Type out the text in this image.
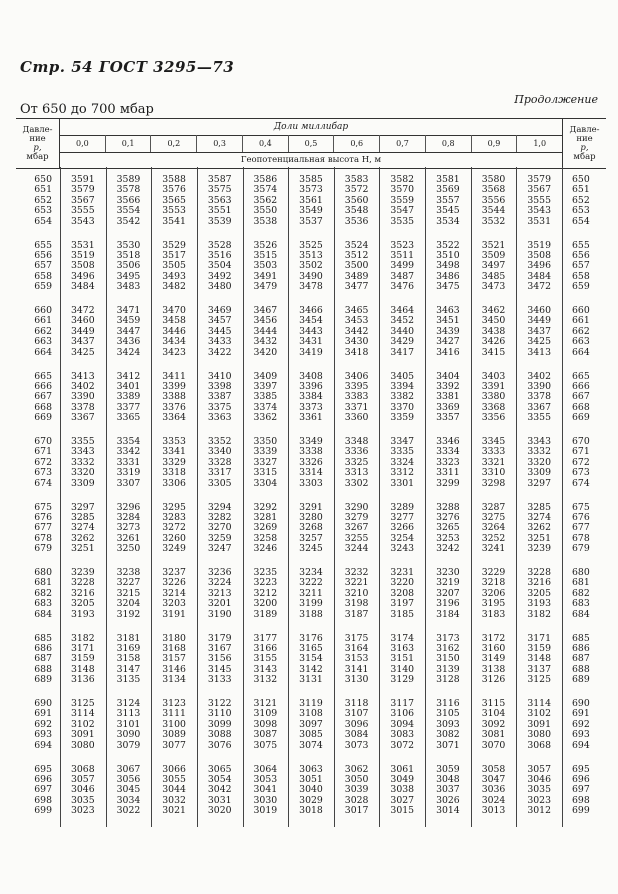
Стр. 54 ГОСТ 3295—73
От 650 до 700 мбар
Продолжение
Давле-
ние
p,
мбар
Доли миллибар
0,0	0,1	0,2	0,3	0,4	0,5	0,6	0,7	0,8	0,9	1,0
Геопотенциальная высота H, м
Давле-
ние
p,
мбар
650	3591	3589	3588	3587	3586	3585	3583	3582	3581	3580	3579	650
651	3579	3578	3576	3575	3574	3573	3572	3570	3569	3568	3567	651
652	3567	3566	3565	3563	3562	3561	3560	3559	3557	3556	3555	652
653	3555	3554	3553	3551	3550	3549	3548	3547	3545	3544	3543	653
654	3543	3542	3541	3539	3538	3537	3536	3535	3534	3532	3531	654
655	3531	3530	3529	3528	3526	3525	3524	3523	3522	3521	3519	655
656	3519	3518	3517	3516	3515	3513	3512	3511	3510	3509	3508	656
657	3508	3506	3505	3504	3503	3502	3500	3499	3498	3497	3496	657
658	3496	3495	3493	3492	3491	3490	3489	3487	3486	3485	3484	658
659	3484	3483	3482	3480	3479	3478	3477	3476	3475	3473	3472	659
660	3472	3471	3470	3469	3467	3466	3465	3464	3463	3462	3460	660
661	3460	3459	3458	3457	3456	3454	3453	3452	3451	3450	3449	661
662	3449	3447	3446	3445	3444	3443	3442	3440	3439	3438	3437	662
663	3437	3436	3434	3433	3432	3431	3430	3429	3427	3426	3425	663
664	3425	3424	3423	3422	3420	3419	3418	3417	3416	3415	3413	664
665	3413	3412	3411	3410	3409	3408	3406	3405	3404	3403	3402	665
666	3402	3401	3399	3398	3397	3396	3395	3394	3392	3391	3390	666
667	3390	3389	3388	3387	3385	3384	3383	3382	3381	3380	3378	667
668	3378	3377	3376	3375	3374	3373	3371	3370	3369	3368	3367	668
669	3367	3365	3364	3363	3362	3361	3360	3359	3357	3356	3355	669
670	3355	3354	3353	3352	3350	3349	3348	3347	3346	3345	3343	670
671	3343	3342	3341	3340	3339	3338	3336	3335	3334	3333	3332	671
672	3332	3331	3329	3328	3327	3326	3325	3324	3323	3321	3320	672
673	3320	3319	3318	3317	3315	3314	3313	3312	3311	3310	3309	673
674	3309	3307	3306	3305	3304	3303	3302	3301	3299	3298	3297	674
675	3297	3296	3295	3294	3292	3291	3290	3289	3288	3287	3285	675
676	3285	3284	3283	3282	3281	3280	3279	3277	3276	3275	3274	676
677	3274	3273	3272	3270	3269	3268	3267	3266	3265	3264	3262	677
678	3262	3261	3260	3259	3258	3257	3255	3254	3253	3252	3251	678
679	3251	3250	3249	3247	3246	3245	3244	3243	3242	3241	3239	679
680	3239	3238	3237	3236	3235	3234	3232	3231	3230	3229	3228	680
681	3228	3227	3226	3224	3223	3222	3221	3220	3219	3218	3216	681
682	3216	3215	3214	3213	3212	3211	3210	3208	3207	3206	3205	682
683	3205	3204	3203	3201	3200	3199	3198	3197	3196	3195	3193	683
684	3193	3192	3191	3190	3189	3188	3187	3185	3184	3183	3182	684
685	3182	3181	3180	3179	3177	3176	3175	3174	3173	3172	3171	685
686	3171	3169	3168	3167	3166	3165	3164	3163	3162	3160	3159	686
687	3159	3158	3157	3156	3155	3154	3153	3151	3150	3149	3148	687
688	3148	3147	3146	3145	3143	3142	3141	3140	3139	3138	3137	688
689	3136	3135	3134	3133	3132	3131	3130	3129	3128	3126	3125	689
690	3125	3124	3123	3122	3121	3119	3118	3117	3116	3115	3114	690
691	3114	3113	3111	3110	3109	3108	3107	3106	3105	3104	3102	691
692	3102	3101	3100	3099	3098	3097	3096	3094	3093	3092	3091	692
693	3091	3090	3089	3088	3087	3085	3084	3083	3082	3081	3080	693
694	3080	3079	3077	3076	3075	3074	3073	3072	3071	3070	3068	694
695	3068	3067	3066	3065	3064	3063	3062	3061	3059	3058	3057	695
696	3057	3056	3055	3054	3053	3051	3050	3049	3048	3047	3046	696
697	3046	3045	3044	3042	3041	3040	3039	3038	3037	3036	3035	697
698	3035	3034	3032	3031	3030	3029	3028	3027	3026	3024	3023	698
699	3023	3022	3021	3020	3019	3018	3017	3015	3014	3013	3012	699
